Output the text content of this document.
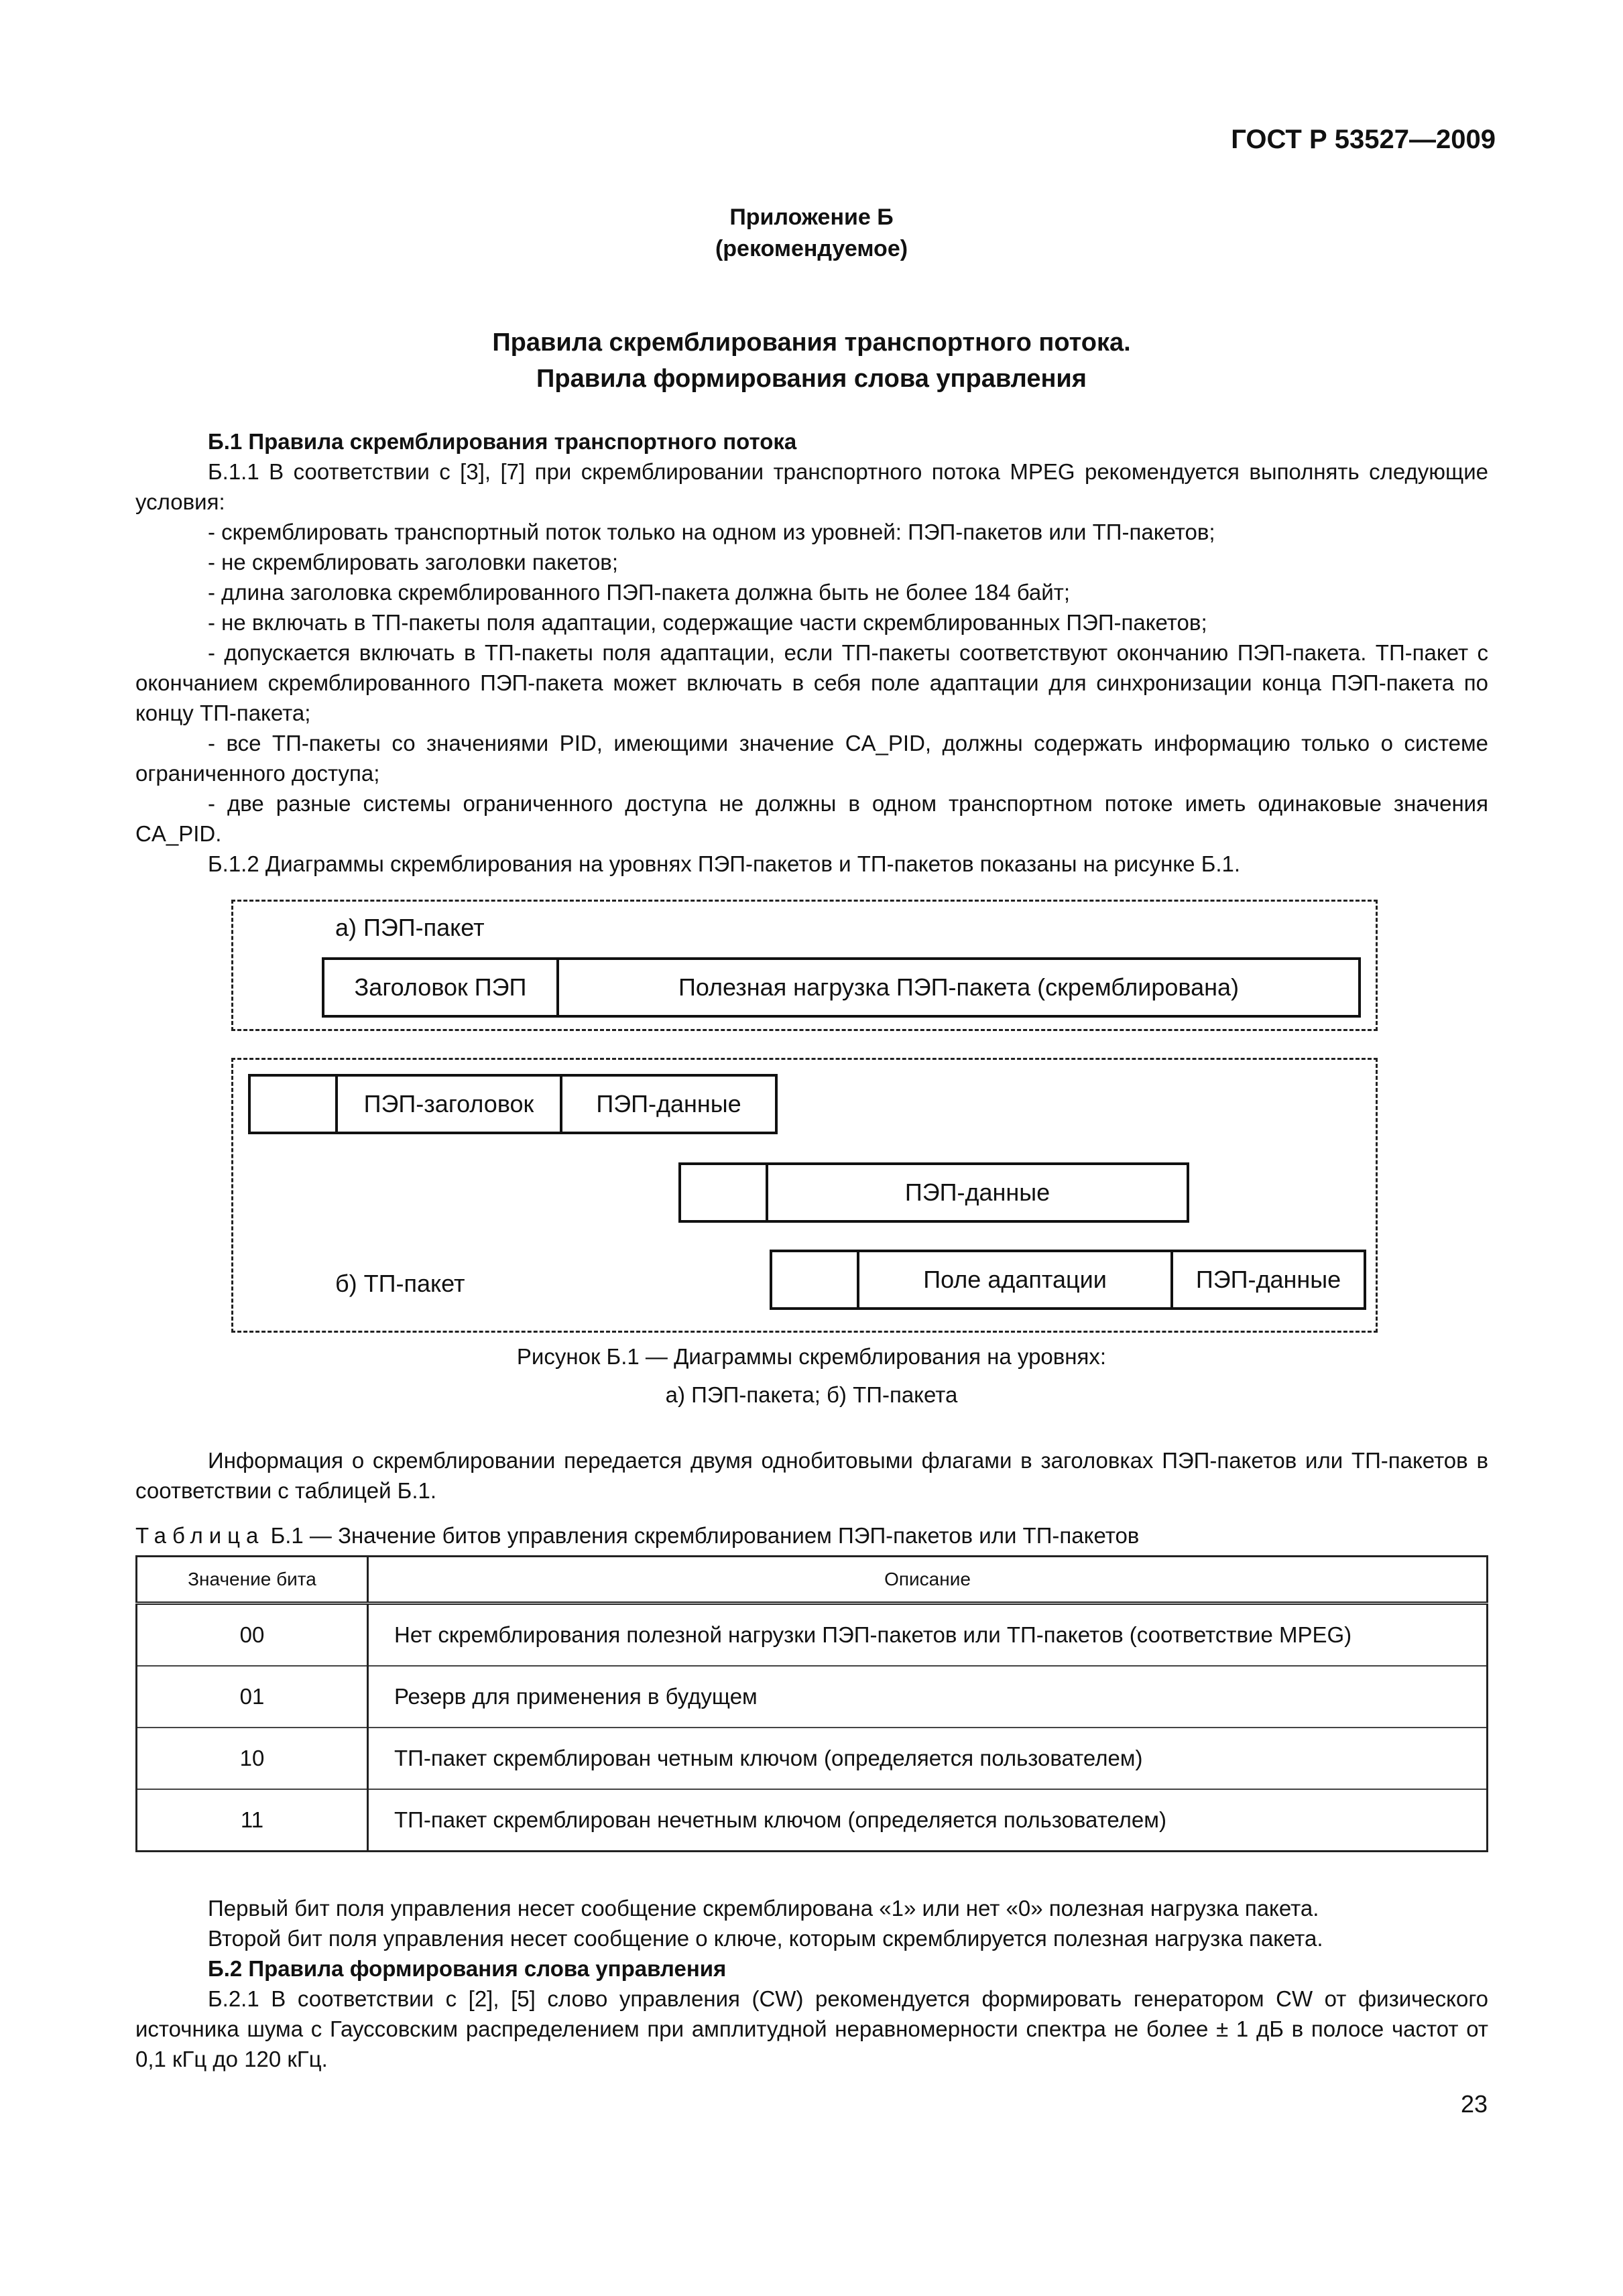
ГОСТ Р 53527—2009
Приложение Б
(рекомендуемое)
Правила скремблирования транспортного потока.
Правила формирования слова управления

Б.1 Правила скремблирования транспортного потока

Б.1.1 В соответствии с [3], [7] при скремблировании транспортного потока MPEG рекомендуется выполнять следующие условия:

- скремблировать транспортный поток только на одном из уровней: ПЭП-пакетов или ТП-пакетов;

- не скремблировать заголовки пакетов;

- длина заголовка скремблированного ПЭП-пакета должна быть не более 184 байт;

- не включать в ТП-пакеты поля адаптации, содержащие части скремблированных ПЭП-пакетов;

- допускается включать в ТП-пакеты поля адаптации, если ТП-пакеты соответствуют окончанию ПЭП-пакета. ТП-пакет с окончанием скремблированного ПЭП-пакета может включать в себя поле адаптации для синхронизации конца ПЭП-пакета по концу ТП-пакета;

- все ТП-пакеты со значениями PID, имеющими значение CA_PID, должны содержать информацию только о системе ограниченного доступа;

- две разные системы ограниченного доступа не должны в одном транспортном потоке иметь одинаковые значения CA_PID.

Б.1.2 Диаграммы скремблирования на уровнях ПЭП-пакетов и ТП-пакетов показаны на рисунке Б.1.

а) ПЭП-пакет
Заголовок ПЭП	Полезная нагрузка ПЭП-пакета (скремблирована)
ПЭП-заголовок	ПЭП-данные
ПЭП-данные
б) ТП-пакет	Поле адаптации	ПЭП-данные
Рисунок Б.1 — Диаграммы скремблирования на уровнях:
а) ПЭП-пакета; б) ТП-пакета

Информация о скремблировании передается двумя однобитовыми флагами в заголовках ПЭП-пакетов или ТП-пакетов в соответствии с таблицей Б.1.

Таблица Б.1 — Значение битов управления скремблированием ПЭП-пакетов или ТП-пакетов
Значение бита	Описание
00	Нет скремблирования полезной нагрузки ПЭП-пакетов или ТП-пакетов (соответствие MPEG)
01	Резерв для применения в будущем
10	ТП-пакет скремблирован четным ключом (определяется пользователем)
11	ТП-пакет скремблирован нечетным ключом (определяется пользователем)

Первый бит поля управления несет сообщение скремблирована «1» или нет «0» полезная нагрузка пакета.

Второй бит поля управления несет сообщение о ключе, которым скремблируется полезная нагрузка пакета.

Б.2 Правила формирования слова управления

Б.2.1 В соответствии с [2], [5] слово управления (CW) рекомендуется формировать генератором CW от физического источника шума с Гауссовским распределением при амплитудной неравномерности спектра не более ± 1 дБ в полосе частот от 0,1 кГц до 120 кГц.

23
